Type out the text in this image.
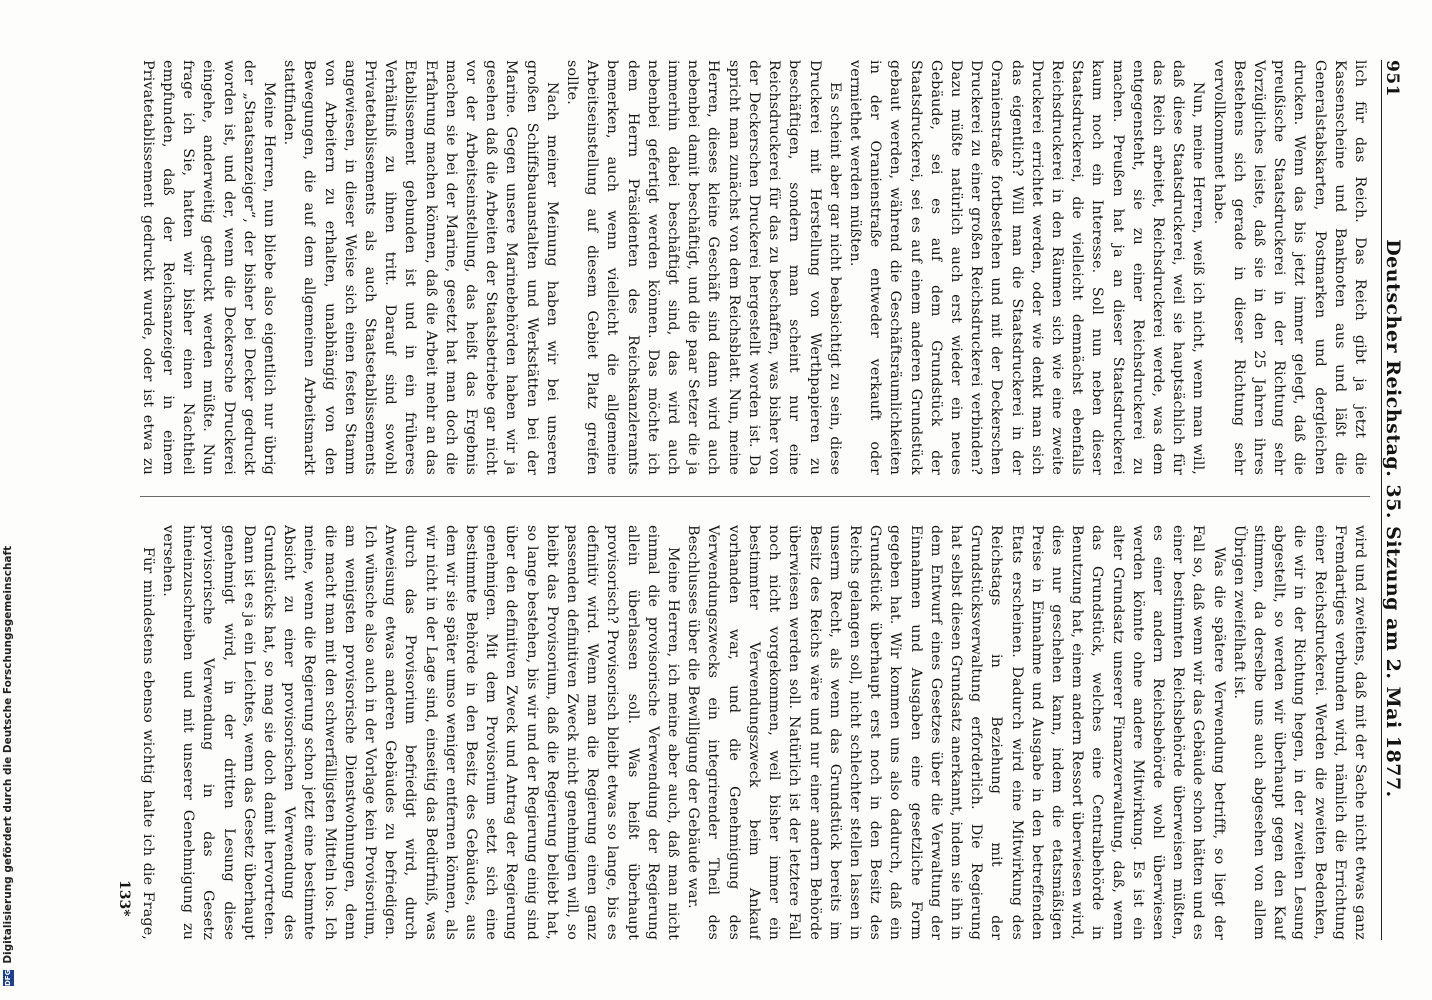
951
Deutscher Reichstag. 35. Sitzung am 2. Mai 1877.

lich für das Reich. Das Reich gibt ja jetzt die Kassenscheine und Banknoten aus und läßt die Generalstabskarten, Postmarken und dergleichen drucken. Wenn das bis jetzt immer gelegt, daß die preußische Staatsdruckerei in der Richtung sehr Vorzügliches leiste, daß sie in den 25 Jahren ihres Bestehens sich gerade in dieser Richtung sehr vervollkommnet habe.

Nun, meine Herren, weiß ich nicht, wenn man will, daß diese Staatsdruckerei, weil sie hauptsächlich für das Reich arbeitet, Reichsdruckerei werde, was dem entgegensteht, sie zu einer Reichsdruckerei zu machen. Preußen hat ja an dieser Staatsdruckerei kaum noch ein Interesse. Soll nun neben dieser Staatsdruckerei, die vielleicht demnächst ebenfalls Reichsdruckerei in den Räumen sich wie eine zweite Druckerei errichtet werden, oder wie denkt man sich das eigentlich? Will man die Staatsdruckerei in der Oranienstraße fortbestehen und mit der Deckerschen Druckerei zu einer großen Reichsdruckerei verbinden? Dazu müßte natürlich auch erst wieder ein neues Gebäude, sei es auf dem Grundstück der Staatsdruckerei, sei es auf einem anderen Grundstück gebaut werden, während die Geschäftsräumlichkeiten in der Oranienstraße entweder verkauft oder vermiethet werden müßten.

Es scheint aber gar nicht beabsichtigt zu sein, diese Druckerei mit Herstellung von Werthpapieren zu beschäftigen, sondern man scheint nur eine Reichsdruckerei für das zu beschaffen, was bisher von der Deckerschen Druckerei hergestellt worden ist. Da spricht man zunächst von dem Reichsblatt. Nun, meine Herren, dieses kleine Geschäft sind dann wird auch nebenbei damit beschäftigt, und die paar Setzer die ja immerhin dabei beschäftigt sind, das wird auch nebenbei gefertigt werden können. Das möchte ich dem Herrn Präsidenten des Reichskanzleramts bemerken, auch wenn vielleicht die allgemeine Arbeitseinstellung auf diesem Gebiet Platz greifen sollte.

Nach meiner Meinung haben wir bei unseren großen Schiffsbauanstalten und Werkstätten bei der Marine. Gegen unsere Marinebehörden haben wir ja gesehen daß die Arbeiten der Staatsbetriebe gar nicht vor der Arbeitseinstellung, das heißt das Ergebnis machen sie bei der Marine, gesetzt hat man doch die Erfahrung machen können, daß die Arbeit mehr an das Etablissement gebunden ist und in ein früheres Verhältniß zu ihnen tritt. Darauf sind sowohl Privatetablissements als auch Staatsetablissements angewiesen, in dieser Weise sich einen festen Stamm von Arbeitern zu erhalten, unabhängig von den Bewegungen, die auf dem allgemeinen Arbeitsmarkt stattfinden.

Meine Herren, nun bliebe also eigentlich nur übrig der „Staatsanzeiger“, der bisher bei Decker gedruckt worden ist, und der, wenn die Deckersche Druckerei eingehe, anderweitig gedruckt werden müßte. Nun frage ich Sie, hatten wir bisher einen Nachtheil empfunden, daß der Reichsanzeiger in einem Privatetablissement gedruckt wurde, oder ist etwa zu

wird und zweitens, daß mit der Sache nicht etwas ganz Fremdartiges verbunden wird, nämlich die Errichtung einer Reichsdruckerei. Werden die zweiten Bedenken, die wir in der Richtung hegen, in der zweiten Lesung abgestellt, so werden wir überhaupt gegen den Kauf stimmen, da derselbe uns auch abgesehen von allem Übrigen zweifelhaft ist.

Was die spätere Verwendung betrifft, so liegt der Fall so, daß wenn wir das Gebäude schon hätten und es einer bestimmten Reichsbehörde überweisen müßten, es einer andern Reichsbehörde wohl überwiesen werden könnte ohne andere Mitwirkung. Es ist ein alter Grundsatz unserer Finanzverwaltung, daß, wenn das Grundstück, welches eine Centralbehörde in Benutzung hat, einem andern Ressort überwiesen wird, dies nur geschehen kann, indem die etatsmäßigen Preise in Einnahme und Ausgabe in den betreffenden Etats erscheinen. Dadurch wird eine Mitwirkung des Reichstags in Beziehung mit der Grundstücksverwaltung erforderlich. Die Regierung hat selbst diesen Grundsatz anerkannt, indem sie ihn in dem Entwurf eines Gesetzes über die Verwaltung der Einnahmen und Ausgaben eine gesetzliche Form gegeben hat. Wir kommen uns also dadurch, daß ein Grundstück überhaupt erst noch in den Besitz des Reichs gelangen soll, nicht schlechter stellen lassen in unserm Recht, als wenn das Grundstück bereits im Besitz des Reichs wäre und nur einer andern Behörde überwiesen werden soll. Natürlich ist der letztere Fall noch nicht vorgekommen, weil bisher immer ein bestimmter Verwendungszweck beim Ankauf vorhanden war, und die Genehmigung des Verwendungszwecks ein integrirender Theil des Beschlusses über die Bewilligung der Gebäude war.

Meine Herren, ich meine aber auch, daß man nicht einmal die provisorische Verwendung der Regierung allein überlassen soll. Was heißt überhaupt provisorisch? Provisorisch bleibt etwas so lange, bis es definitiv wird. Wenn man die Regierung einen ganz passenden definitiven Zweck nicht genehmigen will, so bleibt das Provisorium, daß die Regierung beliebt hat, so lange bestehen, bis wir und der Regierung einig sind über den definitiven Zweck und Antrag der Regierung genehmigen. Mit dem Provisorium setzt sich eine bestimmte Behörde in den Besitz des Gebäudes, aus dem wir sie später umso weniger entfernen können, als wir nicht in der Lage sind, einseitig das Bedürfniß, was durch das Provisorium befriedigt wird, durch Anweisung etwas anderen Gebäudes zu befriedigen. Ich wünsche also auch in der Vorlage kein Provisorium, am wenigsten provisorische Dienstwohnungen, denn die macht man mit den schwerfälligsten Mitteln los. Ich meine, wenn die Regierung schon jetzt eine bestimmte Absicht zu einer provisorischen Verwendung des Grundstücks hat, so mag sie doch damit hervortreten. Dann ist es ja ein Leichtes, wenn das Gesetz überhaupt genehmigt wird, in der dritten Lesung diese provisorische Verwendung in das Gesetz hineinzuschreiben und mit unserer Genehmigung zu versehen.

Für mindestens ebenso wichtig halte ich die Frage,

133*
DFG
Digitalisierung gefördert durch die Deutsche Forschungsgemeinschaft
